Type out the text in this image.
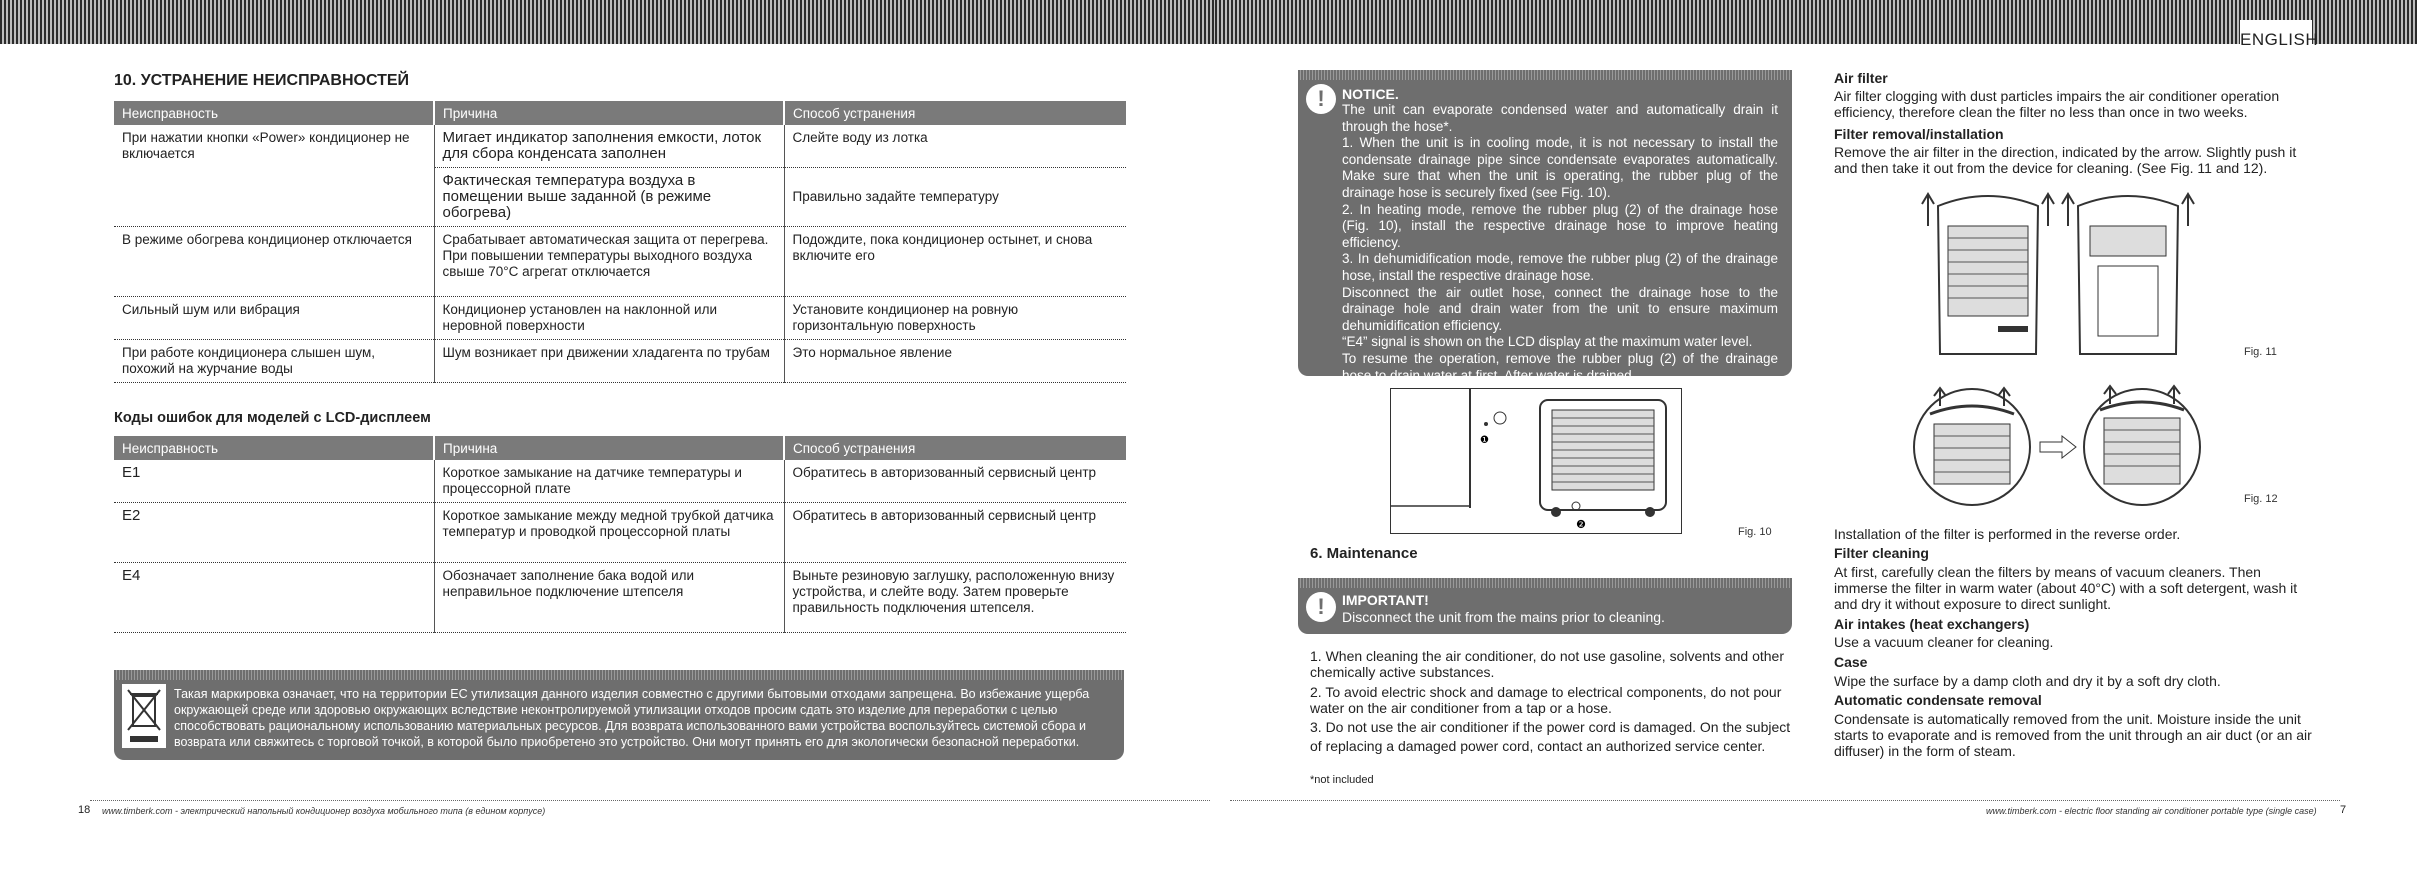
ENGLISH
10. УСТРАНЕНИЕ НЕИСПРАВНОСТЕЙ
Неисправность	Причина	Способ устранения
При нажатии кнопки «Power» кондиционер не включается	Мигает индикатор заполнения емкости, лоток для сбора конденсата заполнен	Слейте воду из лотка
	Фактическая температура воздуха в помещении выше заданной (в режиме обогрева)	Правильно задайте температуру
В режиме обогрева кондиционер отключается	Срабатывает автоматическая защита от перегрева. При повышении температуры выходного воздуха свыше 70°С агрегат отключается	Подождите, пока кондиционер остынет, и снова включите его
Сильный шум или вибрация	Кондиционер установлен на наклонной или неровной поверхности	Установите кондиционер на ровную горизонтальную поверхность
При работе кондиционера слышен шум, похожий на журчание воды	Шум возникает при движении хладагента по трубам	Это нормальное явление
Коды ошибок для моделей с LCD-дисплеем
Неисправность	Причина	Способ устранения
E1	Короткое замыкание на датчике температуры и процессорной плате	Обратитесь в авторизованный сервисный центр
E2	Короткое замыкание между медной трубкой датчика температур и проводкой процессорной платы	Обратитесь в авторизованный сервисный центр
E4	Обозначает заполнение бака водой или неправильное подключение штепселя	Выньте резиновую заглушку, расположенную внизу устройства, и слейте воду. Затем проверьте правильность подключения штепселя.
Такая маркировка означает, что на территории ЕС утилизация данного изделия совместно с другими бытовыми отходами запрещена. Во избежание ущерба окружающей среде или здоровью окружающих вследствие неконтролируемой утилизации отходов просим сдать это изделие для переработки с целью способствовать рациональному использованию материальных ресурсов. Для возврата использованного вами устройства воспользуйтесь системой сбора и возврата или свяжитесь с торговой точкой, в которой было приобретено это устройство. Они могут принять его для экологически безопасной переработки.
18 www.timberk.com - электрический напольный кондиционер воздуха мобильного типа (в едином корпусе)
!	NOTICE.
The unit can evaporate condensed water and automatically drain it through the hose*.
1. When the unit is in cooling mode, it is not necessary to install the condensate drainage pipe since condensate evaporates automatically. Make sure that when the unit is operating, the rubber plug of the drainage hose is securely fixed (see Fig. 10).
2. In heating mode, remove the rubber plug (2) of the drainage hose (Fig. 10), install the respective drainage hose to improve heating efficiency.
3. In dehumidification mode, remove the rubber plug (2) of the drainage hose, install the respective drainage hose.
Disconnect the air outlet hose, connect the drainage hose to the drainage hole and drain water from the unit to ensure maximum dehumidification efficiency.
“E4” signal is shown on the LCD display at the maximum water level.
To resume the operation, remove the rubber plug (2) of the drainage hose to drain water at first. After water is drained…
❶
❷
Fig. 10
6. Maintenance
!	IMPORTANT!
Disconnect the unit from the mains prior to cleaning.
1. When cleaning the air conditioner, do not use gasoline, solvents and other chemically active substances.
2. To avoid electric shock and damage to electrical components, do not pour water on the air conditioner from a tap or a hose.
3. Do not use the air conditioner if the power cord is damaged. On the subject of replacing a damaged power cord, contact an authorized service center.
*not included
Air filter
Air filter clogging with dust particles impairs the air conditioner operation efficiency, therefore clean the filter no less than once in two weeks.
Filter removal/installation
Remove the air filter in the direction, indicated by the arrow. Slightly push it and then take it out from the device for cleaning. (See Fig. 11 and 12).
Fig. 11
Fig. 12
Installation of the filter is performed in the reverse order.
Filter cleaning
At first, carefully clean the filters by means of vacuum cleaners. Then immerse the filter in warm water (about 40°C) with a soft detergent, wash it and dry it without exposure to direct sunlight.
Air intakes (heat exchangers)
Use a vacuum cleaner for cleaning.
Case
Wipe the surface by a damp cloth and dry it by a soft dry cloth.
Automatic condensate removal
Condensate is automatically removed from the unit. Moisture inside the unit starts to evaporate and is removed from the unit through an air duct (or an air diffuser) in the form of steam.
www.timberk.com - electric floor standing air conditioner portable type (single case) 7
